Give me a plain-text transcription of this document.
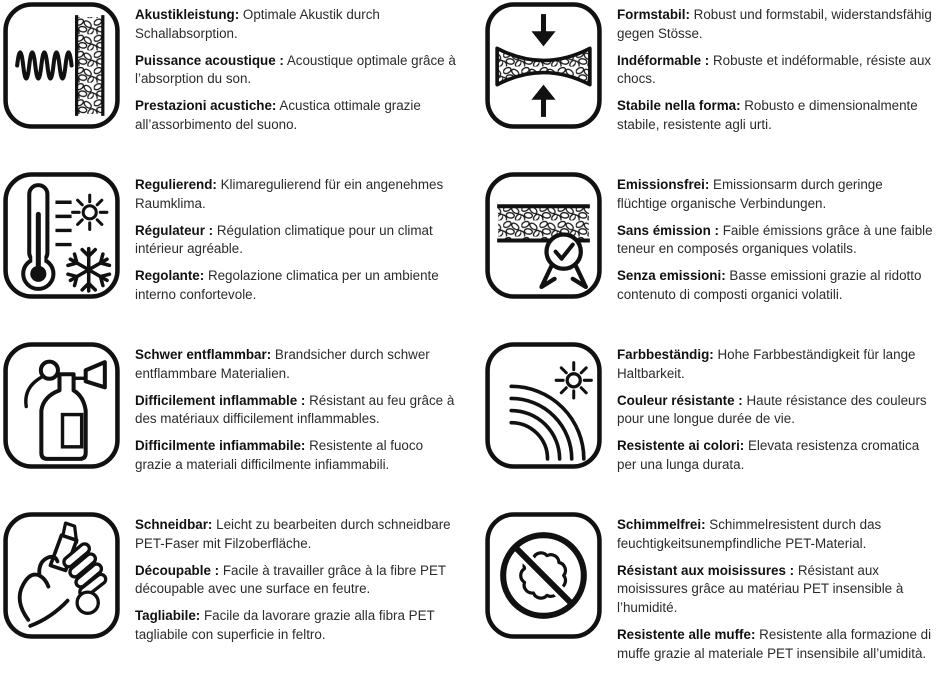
Akustikleistung: Optimale Akustik durch Schallabsorption.

Puissance acoustique : Acoustique optimale grâce à l’absorption du son.

Prestazioni acustiche: Acustica ottimale grazie all’assorbimento del suono.

Formstabil: Robust und formstabil, widerstandsfähig gegen Stösse.

Indéformable : Robuste et indéformable, résiste aux chocs.

Stabile nella forma: Robusto e dimensionalmente stabile, resistente agli urti.

Regulierend: Klimaregulierend für ein angenehmes Raumklima.

Régulateur : Régulation climatique pour un climat intérieur agréable.

Regolante: Regolazione climatica per un ambiente interno confortevole.

Emissionsfrei: Emissionsarm durch geringe flüchtige organische Verbindungen.

Sans émission : Faible émissions grâce à une faible teneur en composés organiques volatils.

Senza emissioni: Basse emissioni grazie al ridotto contenuto di composti organici volatili.

Schwer entflammbar: Brandsicher durch schwer entflammbare Materialien.

Difficilement inflammable : Résistant au feu grâce à des matériaux difficilement inflammables.

Difficilmente infiammabile: Resistente al fuoco grazie a materiali difficilmente infiammabili.

Farbbeständig: Hohe Farbbeständigkeit für lange Haltbarkeit.

Couleur résistante : Haute résistance des couleurs pour une longue durée de vie.

Resistente ai colori: Elevata resistenza cromatica per una lunga durata.

Schneidbar: Leicht zu bearbeiten durch schneidbare PET-Faser mit Filzoberfläche.

Découpable : Facile à travailler grâce à la fibre PET découpable avec une surface en feutre.

Tagliabile: Facile da lavorare grazie alla fibra PET tagliabile con superficie in feltro.

Schimmelfrei: Schimmelresistent durch das feuchtigkeitsunempfindliche PET-Material.

Résistant aux moisissures : Résistant aux moisissures grâce au matériau PET insensible à l’humidité.

Resistente alle muffe: Resistente alla formazione di muffe grazie al materiale PET insensibile all’umidità.
